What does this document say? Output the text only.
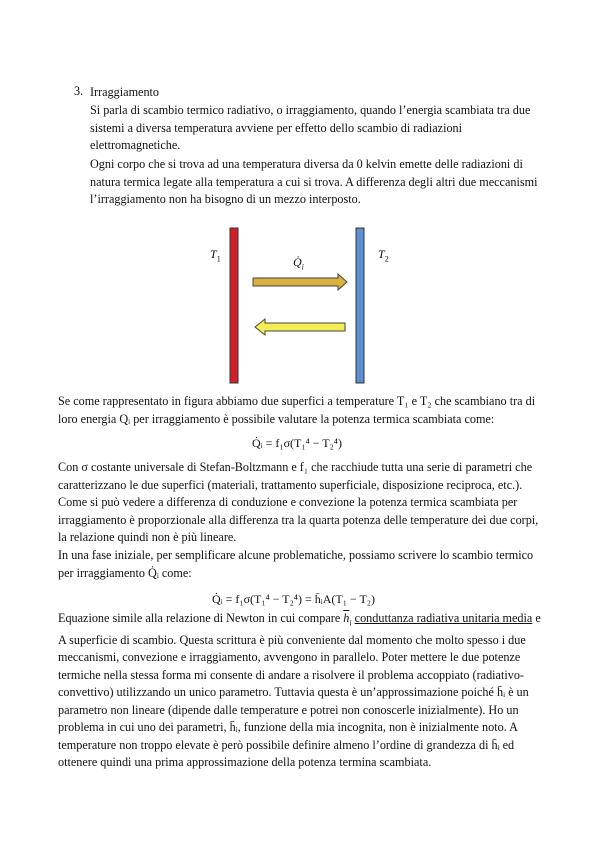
3. Irraggiamento
Si parla di scambio termico radiativo, o irraggiamento, quando l’energia scambiata tra due
sistemi a diversa temperatura avviene per effetto dello scambio di radiazioni
elettromagnetiche.
Ogni corpo che si trova ad una temperatura diversa da 0 kelvin emette delle radiazioni di
natura termica legate alla temperatura a cui si trova. A differenza degli altri due meccanismi
l’irraggiamento non ha bisogno di un mezzo interposto.
$T_1$	$T_2$
$Q̇_i$
Se come rappresentato in figura abbiamo due superfici a temperature T₁ e T₂ che scambiano tra di
loro energia Qᵢ per irraggiamento è possibile valutare la potenza termica scambiata come:
Q̇ᵢ = f₁σ(T₁⁴ − T₂⁴)
Con σ costante universale di Stefan-Boltzmann e f₁ che racchiude tutta una serie di parametri che
caratterizzano le due superfici (materiali, trattamento superficiale, disposizione reciproca, etc.).
Come si può vedere a differenza di conduzione e convezione la potenza termica scambiata per
irraggiamento è proporzionale alla differenza tra la quarta potenza delle temperature dei due corpi,
la relazione quindi non è più lineare.
In una fase iniziale, per semplificare alcune problematiche, possiamo scrivere lo scambio termico
per irraggiamento Q̇ᵢ come:
Q̇ᵢ = f₁σ(T₁⁴ − T₂⁴) = h̄ᵢA(T₁ − T₂)
Equazione simile alla relazione di Newton in cui compare $\overline{h}_i$ conduttanza radiativa unitaria media e
A superficie di scambio. Questa scrittura è più conveniente dal momento che molto spesso i due
meccanismi, convezione e irraggiamento, avvengono in parallelo. Poter mettere le due potenze
termiche nella stessa forma mi consente di andare a risolvere il problema accoppiato (radiativo-
convettivo) utilizzando un unico parametro. Tuttavia questa è un’approssimazione poiché h̄ᵢ è un
parametro non lineare (dipende dalle temperature e potrei non conoscerle inizialmente). Ho un
problema in cui uno dei parametri, h̄ᵢ, funzione della mia incognita, non è inizialmente noto. A
temperature non troppo elevate è però possibile definire almeno l’ordine di grandezza di h̄ᵢ ed
ottenere quindi una prima approssimazione della potenza termina scambiata.
